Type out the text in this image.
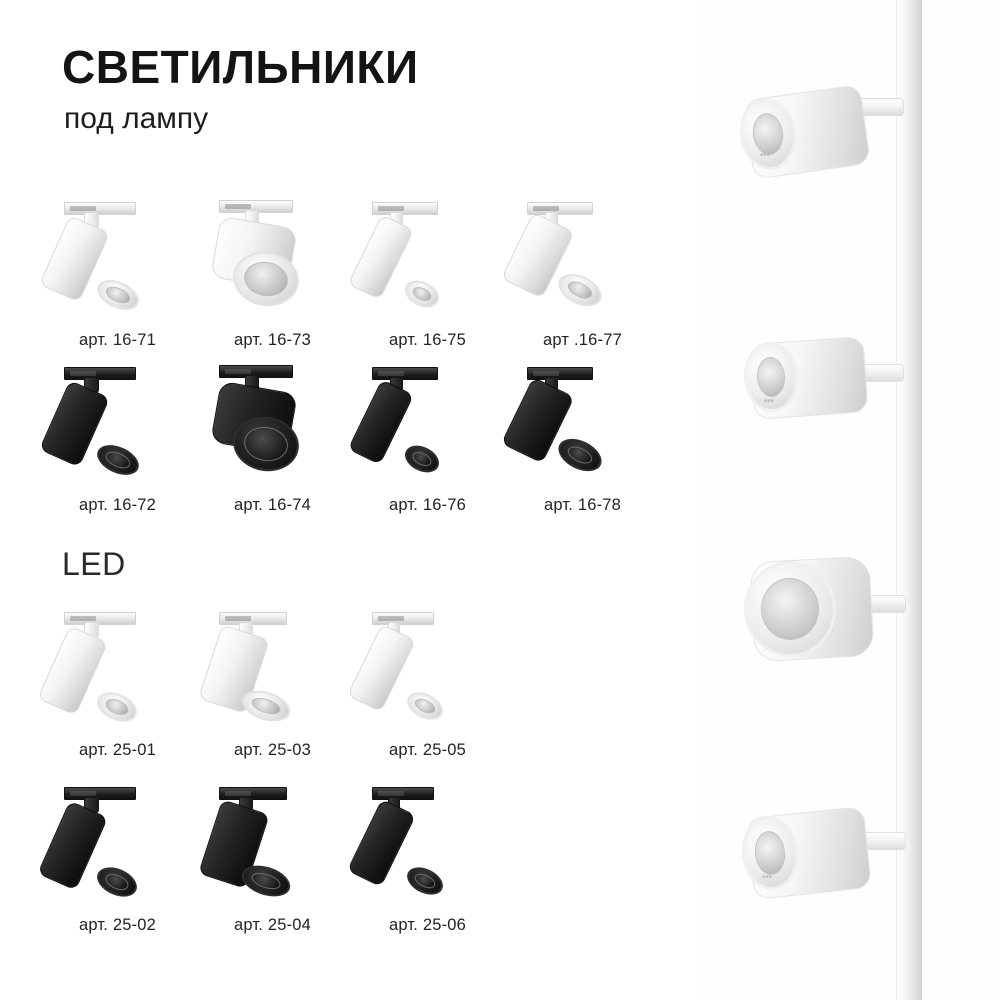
СВЕТИЛЬНИКИ
под лампу
арт. 16-71	арт. 16-73	арт. 16-75	арт .16-77
арт. 16-72	арт. 16-74	арт. 16-76	арт. 16-78
LED
арт. 25-01	арт. 25-03	арт. 25-05
арт. 25-02	арт. 25-04	арт. 25-06
■■■
■■■
■■■
